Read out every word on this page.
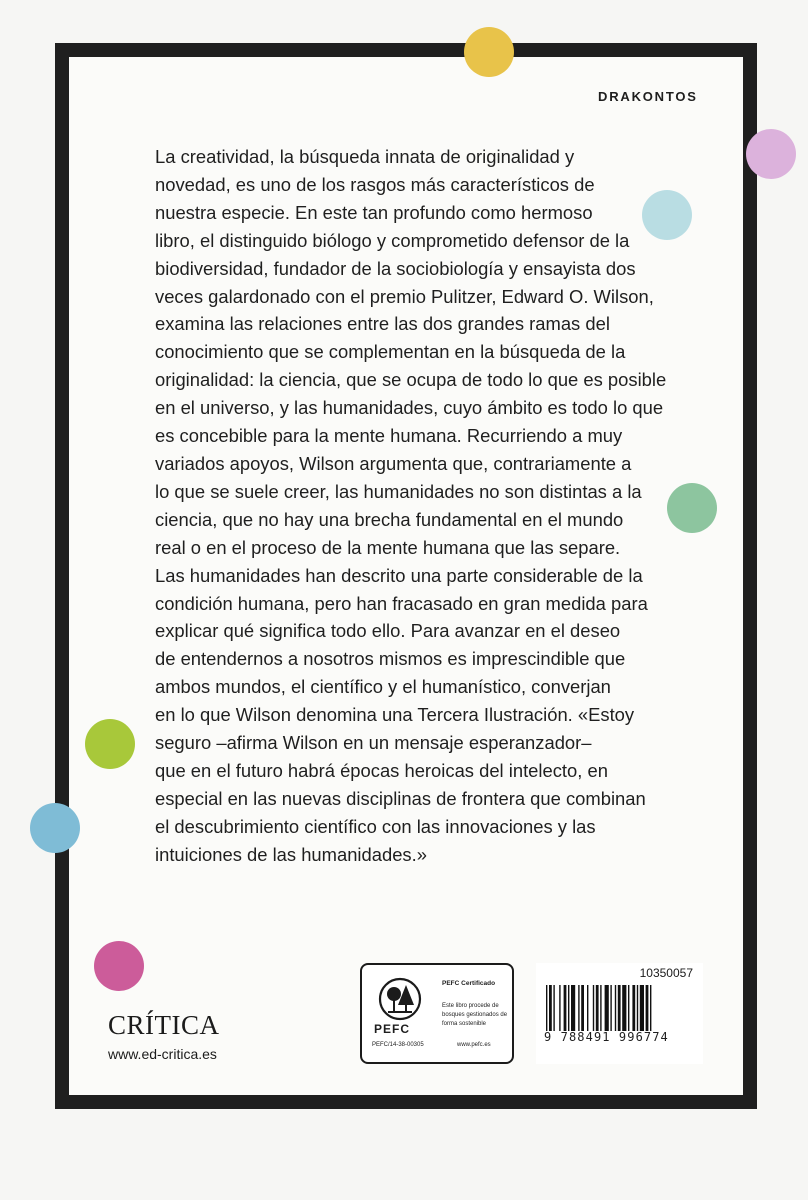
DRAKONTOS

La creatividad, la búsqueda innata de originalidad y

novedad, es uno de los rasgos más característicos de

nuestra especie. En este tan profundo como hermoso

libro, el distinguido biólogo y comprometido defensor de la

biodiversidad, fundador de la sociobiología y ensayista dos

veces galardonado con el premio Pulitzer, Edward O. Wilson,

examina las relaciones entre las dos grandes ramas del

conocimiento que se complementan en la búsqueda de la

originalidad: la ciencia, que se ocupa de todo lo que es posible

en el universo, y las humanidades, cuyo ámbito es todo lo que

es concebible para la mente humana. Recurriendo a muy

variados apoyos, Wilson argumenta que, contrariamente a

lo que se suele creer, las humanidades no son distintas a la

ciencia, que no hay una brecha fundamental en el mundo

real o en el proceso de la mente humana que las separe.

Las humanidades han descrito una parte considerable de la

condición humana, pero han fracasado en gran medida para

explicar qué significa todo ello. Para avanzar en el deseo

de entendernos a nosotros mismos es imprescindible que

ambos mundos, el científico y el humanístico, converjan

en lo que Wilson denomina una Tercera Ilustración. «Estoy

seguro –afirma Wilson en un mensaje esperanzador–

que en el futuro habrá épocas heroicas del intelecto, en

especial en las nuevas disciplinas de frontera que combinan

el descubrimiento científico con las innovaciones y las

intuiciones de las humanidades.»

CRÍTICA
www.ed-critica.es
PEFC
PEFC/14-38-00305
PEFC Certificado
Este libro procede de bosques gestionados de forma sostenible
www.pefc.es
10350057
9 788491 996774
